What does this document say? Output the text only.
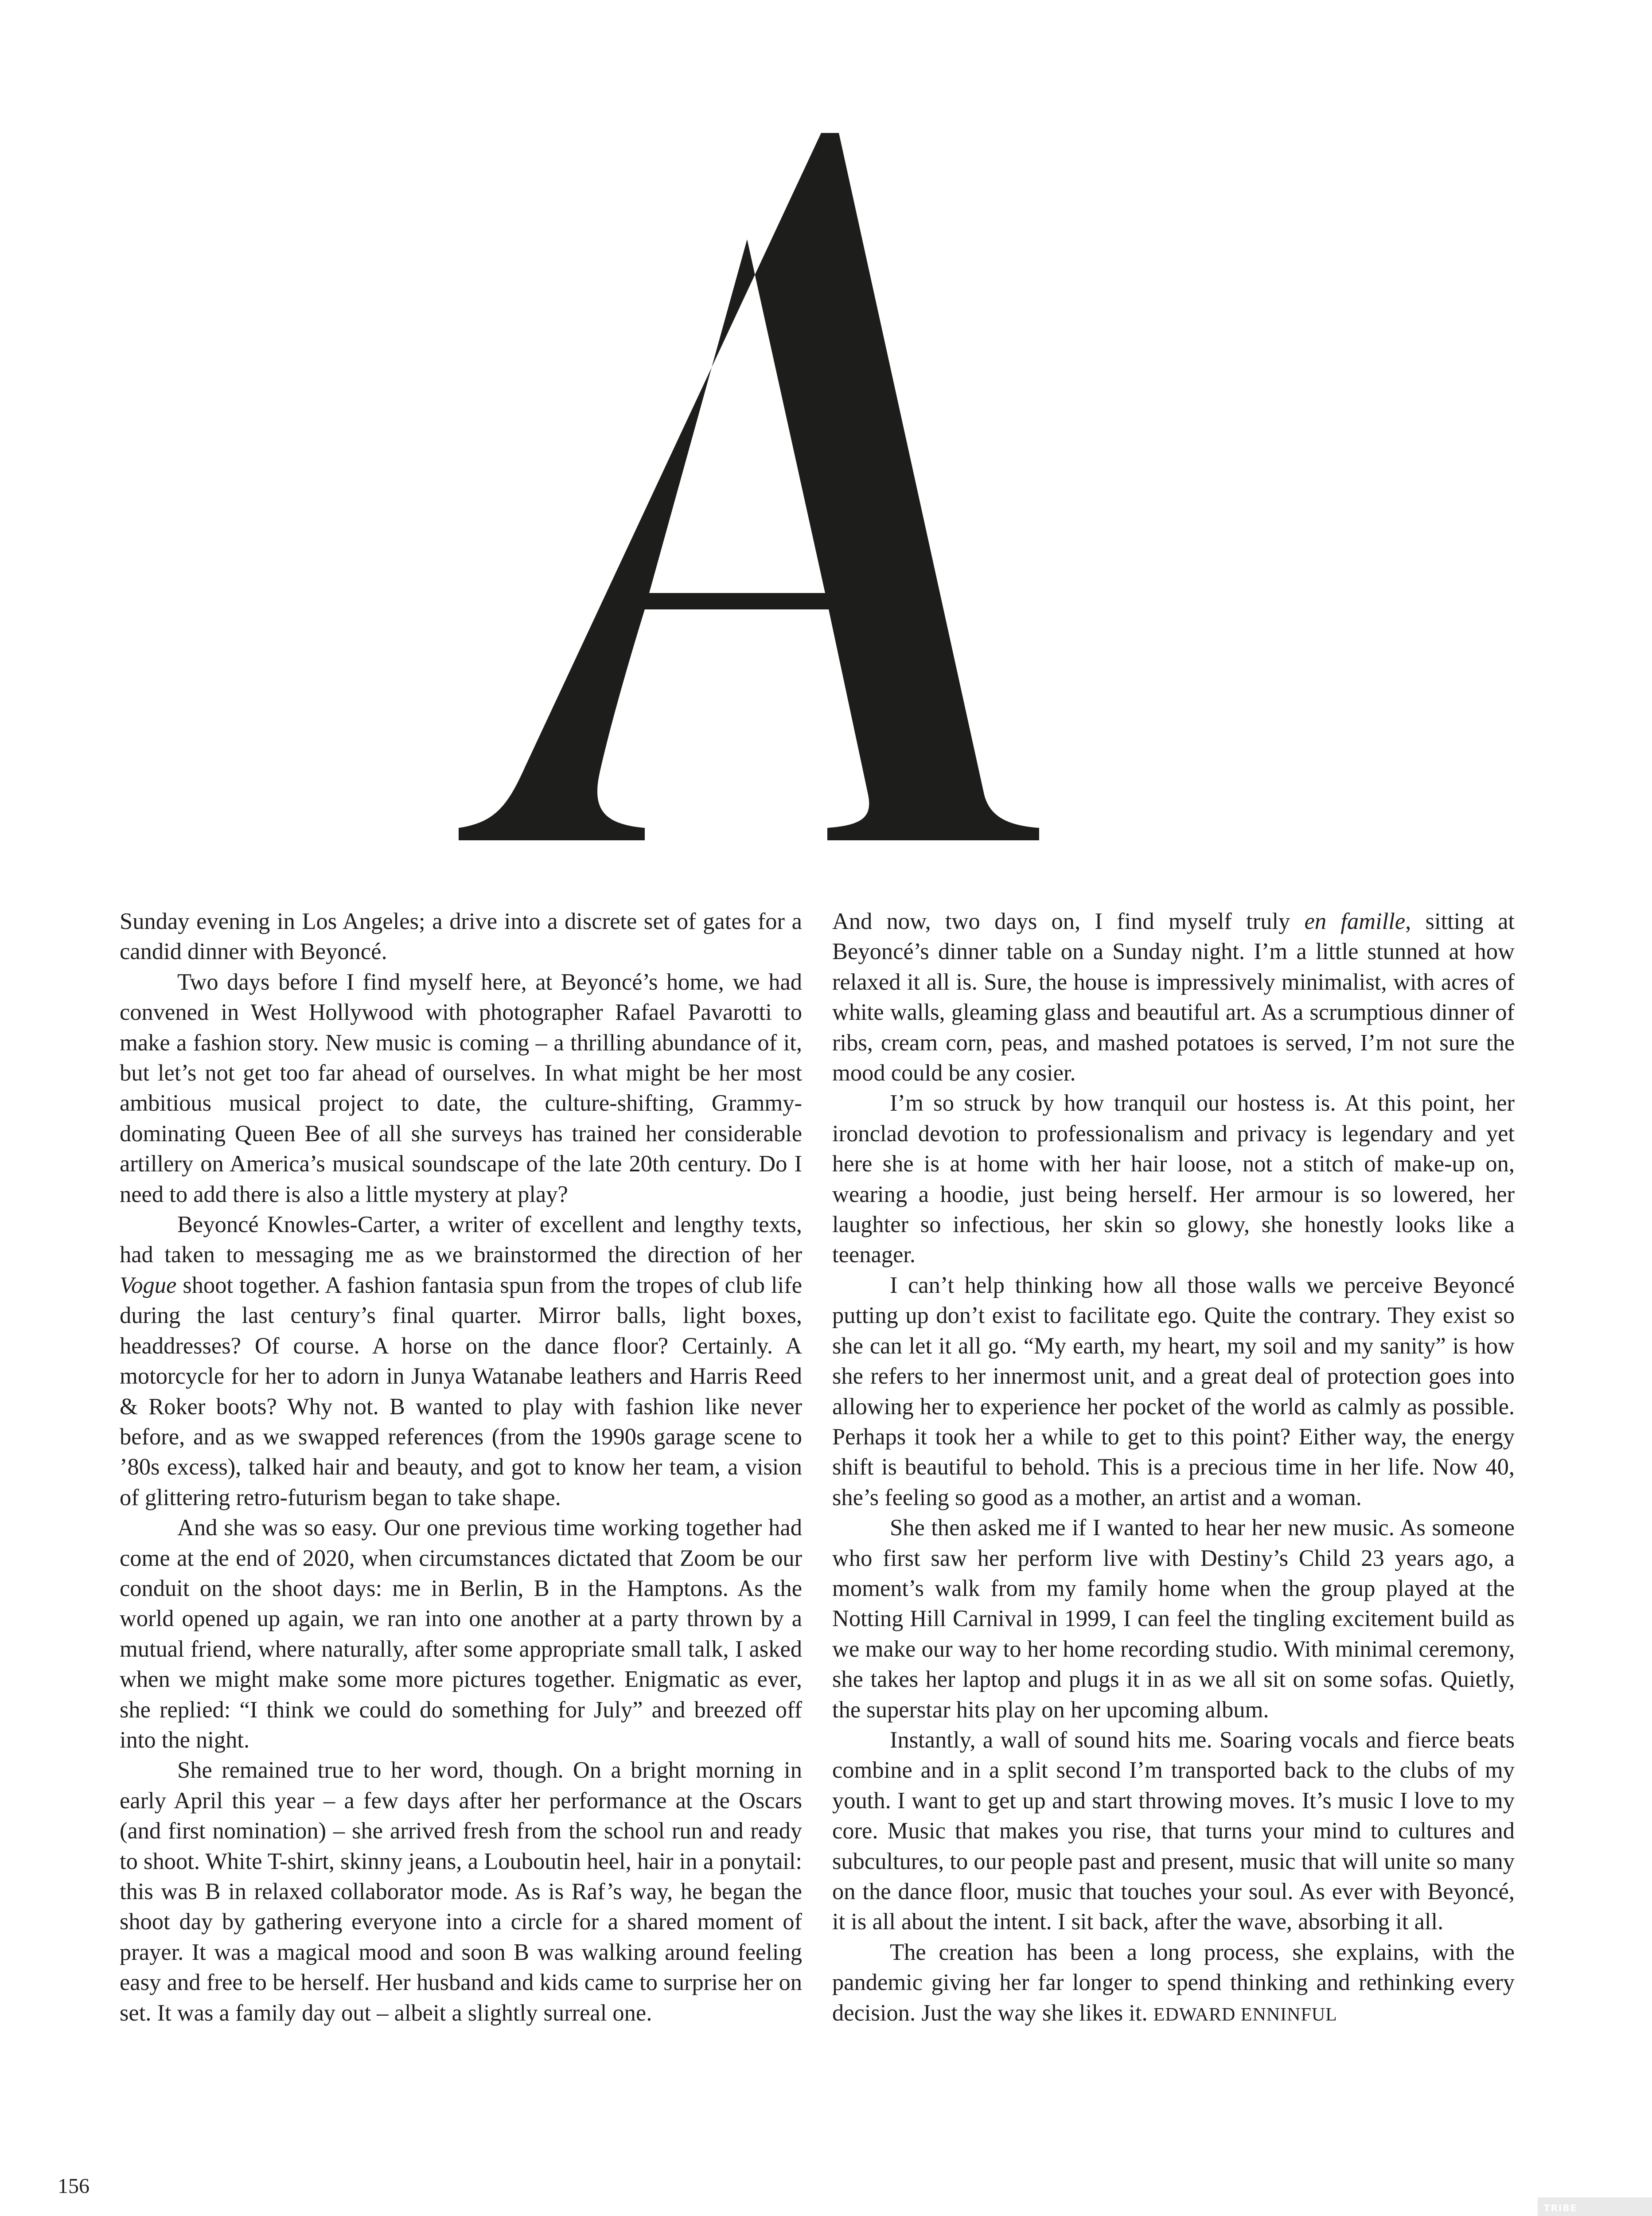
Sunday evening in Los Angeles; a drive into a discrete set of gates for a candid dinner with Beyoncé.

Two days before I find myself here, at Beyoncé’s home, we had convened in West Hollywood with photographer Rafael Pavarotti to make a fashion story. New music is coming – a thrilling abundance of it, but let’s not get too far ahead of ourselves. In what might be her most ambitious musical project to date, the culture-shifting, Grammy-dominating Queen Bee of all she surveys has trained her considerable artillery on America’s musical soundscape of the late 20th century. Do I need to add there is also a little mystery at play?

Beyoncé Knowles-Carter, a writer of excellent and lengthy texts, had taken to messaging me as we brainstormed the direction of her Vogue shoot together. A fashion fantasia spun from the tropes of club life during the last century’s final quarter. Mirror balls, light boxes, headdresses? Of course. A horse on the dance floor? Certainly. A motorcycle for her to adorn in Junya Watanabe leathers and Harris Reed & Roker boots? Why not. B wanted to play with fashion like never before, and as we swapped references (from the 1990s garage scene to ’80s excess), talked hair and beauty, and got to know her team, a vision of glittering retro-futurism began to take shape.

And she was so easy. Our one previous time working together had come at the end of 2020, when circumstances dictated that Zoom be our conduit on the shoot days: me in Berlin, B in the Hamptons. As the world opened up again, we ran into one another at a party thrown by a mutual friend, where naturally, after some appropriate small talk, I asked when we might make some more pictures together. Enigmatic as ever, she replied: “I think we could do something for July” and breezed off into the night.

She remained true to her word, though. On a bright morning in early April this year – a few days after her performance at the Oscars (and first nomination) – she arrived fresh from the school run and ready to shoot. White T-shirt, skinny jeans, a Louboutin heel, hair in a ponytail: this was B in relaxed collaborator mode. As is Raf’s way, he began the shoot day by gathering everyone into a circle for a shared moment of prayer. It was a magical mood and soon B was walking around feeling easy and free to be herself. Her husband and kids came to surprise her on set. It was a family day out – albeit a slightly surreal one.

And now, two days on, I find myself truly en famille, sitting at Beyoncé’s dinner table on a Sunday night. I’m a little stunned at how relaxed it all is. Sure, the house is impressively minimalist, with acres of white walls, gleaming glass and beautiful art. As a scrumptious dinner of ribs, cream corn, peas, and mashed potatoes is served, I’m not sure the mood could be any cosier.

I’m so struck by how tranquil our hostess is. At this point, her ironclad devotion to professionalism and privacy is legendary and yet here she is at home with her hair loose, not a stitch of make-up on, wearing a hoodie, just being herself. Her armour is so lowered, her laughter so infectious, her skin so glowy, she honestly looks like a teenager.

I can’t help thinking how all those walls we perceive Beyoncé putting up don’t exist to facilitate ego. Quite the contrary. They exist so she can let it all go. “My earth, my heart, my soil and my sanity” is how she refers to her innermost unit, and a great deal of protection goes into allowing her to experience her pocket of the world as calmly as possible. Perhaps it took her a while to get to this point? Either way, the energy shift is beautiful to behold. This is a precious time in her life. Now 40, she’s feeling so good as a mother, an artist and a woman.

She then asked me if I wanted to hear her new music. As someone who first saw her perform live with Destiny’s Child 23 years ago, a moment’s walk from my family home when the group played at the Notting Hill Carnival in 1999, I can feel the tingling excitement build as we make our way to her home recording studio. With minimal ceremony, she takes her laptop and plugs it in as we all sit on some sofas. Quietly, the superstar hits play on her upcoming album.

Instantly, a wall of sound hits me. Soaring vocals and fierce beats combine and in a split second I’m transported back to the clubs of my youth. I want to get up and start throwing moves. It’s music I love to my core. Music that makes you rise, that turns your mind to cultures and subcultures, to our people past and present, music that will unite so many on the dance floor, music that touches your soul. As ever with Beyoncé, it is all about the intent. I sit back, after the wave, absorbing it all.

The creation has been a long process, she explains, with the pandemic giving her far longer to spend thinking and rethinking every decision. Just the way she likes it. EDWARD ENNINFUL

156
TRIBE
